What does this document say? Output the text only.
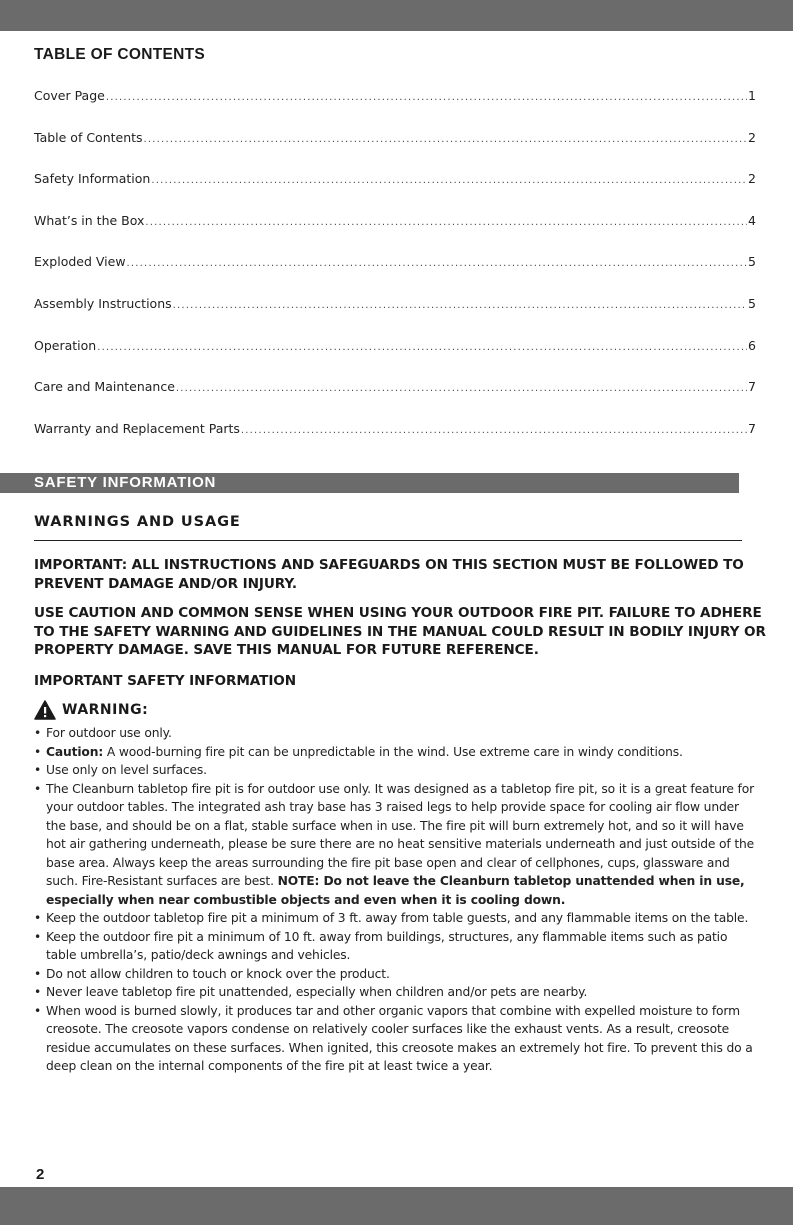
TABLE OF CONTENTS
Cover Page .....	1
Table of Contents .....	2
Safety Information .....	2
What’s in the Box .....	4
Exploded View .....	5
Assembly Instructions .....	5
Operation .....	6
Care and Maintenance .....	7
Warranty and Replacement Parts .....	7
SAFETY INFORMATION
WARNINGS AND USAGE

IMPORTANT: ALL INSTRUCTIONS AND SAFEGUARDS ON THIS SECTION MUST BE FOLLOWED TO PREVENT DAMAGE AND/OR INJURY.

USE CAUTION AND COMMON SENSE WHEN USING YOUR OUTDOOR FIRE PIT. FAILURE TO ADHERE TO THE SAFETY WARNING AND GUIDELINES IN THE MANUAL COULD RESULT IN BODILY INJURY OR PROPERTY DAMAGE. SAVE THIS MANUAL FOR FUTURE REFERENCE.

IMPORTANT SAFETY INFORMATION

WARNING:
• For outdoor use only.
• Caution: A wood-burning fire pit can be unpredictable in the wind. Use extreme care in windy conditions.
• Use only on level surfaces.
• The Cleanburn tabletop fire pit is for outdoor use only. It was designed as a tabletop fire pit, so it is a great feature for your outdoor tables. The integrated ash tray base has 3 raised legs to help provide space for cooling air flow under the base, and should be on a flat, stable surface when in use. The fire pit will burn extremely hot, and so it will have hot air gathering underneath, please be sure there are no heat sensitive materials underneath and just outside of the base area. Always keep the areas surrounding the fire pit base open and clear of cellphones, cups, glassware and such. Fire-Resistant surfaces are best. NOTE: Do not leave the Cleanburn tabletop unattended when in use, especially when near combustible objects and even when it is cooling down.
• Keep the outdoor tabletop fire pit a minimum of 3 ft. away from table guests, and any flammable items on the table.
• Keep the outdoor fire pit a minimum of 10 ft. away from buildings, structures, any flammable items such as patio table umbrella’s, patio/deck awnings and vehicles.
• Do not allow children to touch or knock over the product.
• Never leave tabletop fire pit unattended, especially when children and/or pets are nearby.
• When wood is burned slowly, it produces tar and other organic vapors that combine with expelled moisture to form creosote. The creosote vapors condense on relatively cooler surfaces like the exhaust vents. As a result, creosote residue accumulates on these surfaces. When ignited, this creosote makes an extremely hot fire. To prevent this do a deep clean on the internal components of the fire pit at least twice a year.
2
